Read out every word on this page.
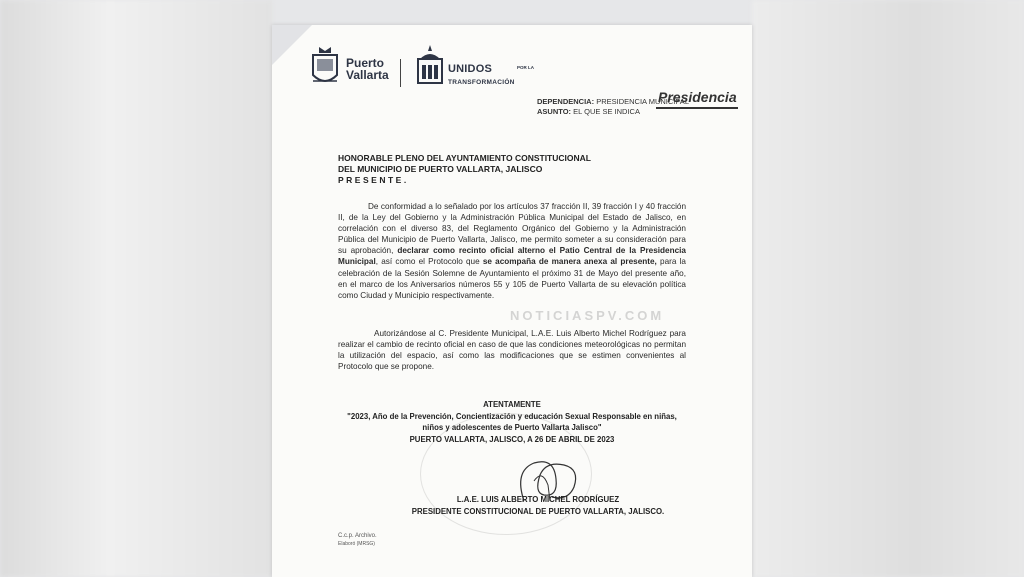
Puerto
Vallarta	UNIDOS	POR LA
TRANSFORMACIÓN
Presidencia
DEPENDENCIA: PRESIDENCIA MUNICIPAL
ASUNTO: EL QUE SE INDICA
HONORABLE PLENO DEL AYUNTAMIENTO CONSTITUCIONAL
DEL MUNICIPIO DE PUERTO VALLARTA, JALISCO
PRESENTE.
De conformidad a lo señalado por los artículos 37 fracción II, 39 fracción I y 40 fracción II, de la Ley del Gobierno y la Administración Pública Municipal del Estado de Jalisco, en correlación con el diverso 83, del Reglamento Orgánico del Gobierno y la Administración Pública del Municipio de Puerto Vallarta, Jalisco, me permito someter a su consideración para su aprobación, declarar como recinto oficial alterno el Patio Central de la Presidencia Municipal, así como el Protocolo que se acompaña de manera anexa al presente, para la celebración de la Sesión Solemne de Ayuntamiento el próximo 31 de Mayo del presente año, en el marco de los Aniversarios números 55 y 105 de Puerto Vallarta de su elevación política como Ciudad y Municipio respectivamente.
NOTICIASPV.COM
Autorizándose al C. Presidente Municipal, L.A.E. Luis Alberto Michel Rodríguez para realizar el cambio de recinto oficial en caso de que las condiciones meteorológicas no permitan la utilización del espacio, así como las modificaciones que se estimen convenientes al Protocolo que se propone.
ATENTAMENTE
"2023, Año de la Prevención, Concientización y educación Sexual Responsable en niñas,
niños y adolescentes de Puerto Vallarta Jalisco"
PUERTO VALLARTA, JALISCO, A 26 DE ABRIL DE 2023
L.A.E. LUIS ALBERTO MICHEL RODRÍGUEZ
PRESIDENTE CONSTITUCIONAL DE PUERTO VALLARTA, JALISCO.
C.c.p. Archivo.
Elaboró (MRSG)
